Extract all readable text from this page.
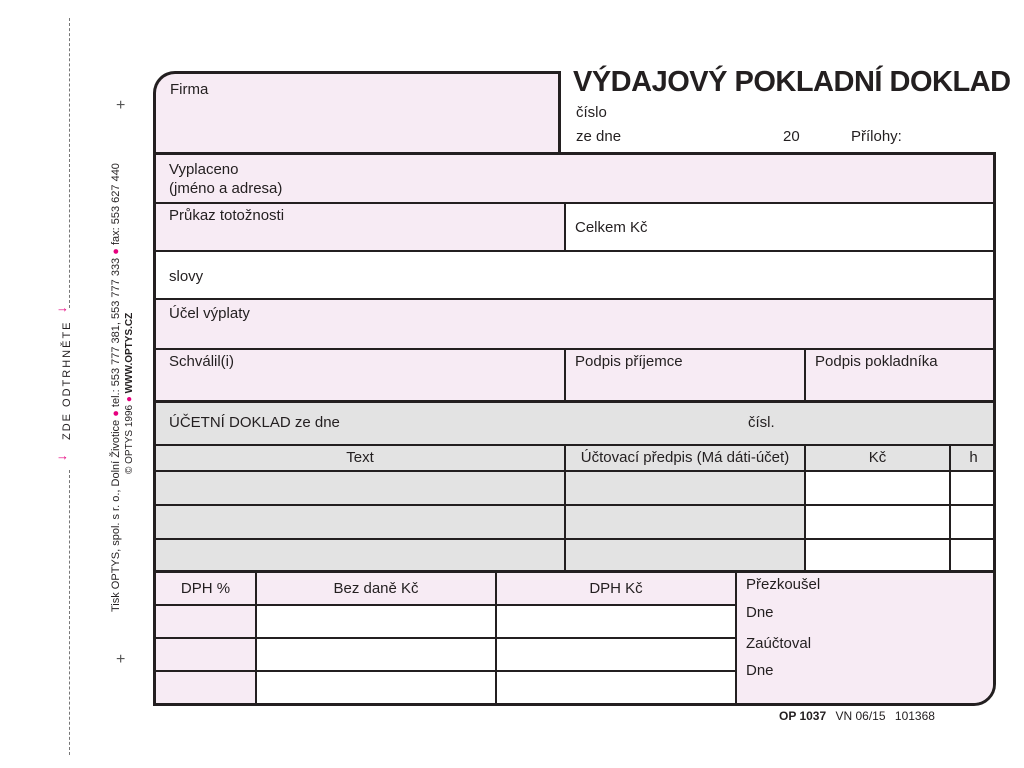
ZDE ODTRHNĚTE
→
→
+
+
Tisk OPTYS, spol. s r. o., Dolní Životice ● tel.: 553 777 381, 553 777 333 ● fax: 553 627 440
© OPTYS 1996 ● WWW.OPTYS.CZ
Firma	VÝDAJOVÝ POKLADNÍ DOKLAD
číslo
ze dne	20	Přílohy:
Vyplaceno
(jméno a adresa)
Průkaz totožnosti
Celkem Kč
slovy
Účel výplaty
Schválil(i)	Podpis příjemce	Podpis pokladníka
ÚČETNÍ DOKLAD ze dne	čísl.
Text	Účtovací předpis (Má dáti-účet)	Kč	h
DPH %	Bez daně Kč	DPH Kč	Přezkoušel
Dne
Zaúčtoval
Dne
OP 1037 VN 06/15 101368
